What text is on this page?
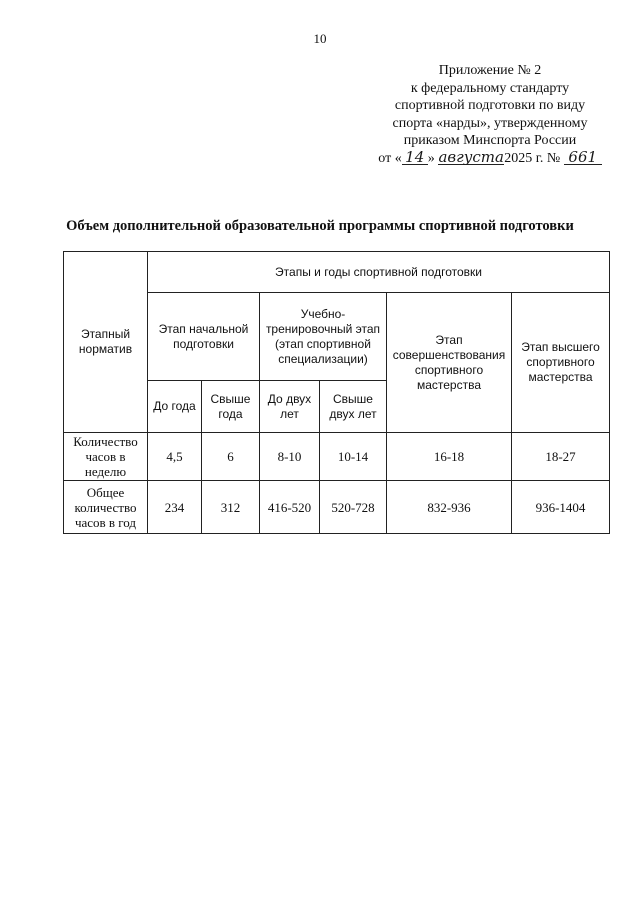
10
Приложение № 2
к федеральному стандарту
спортивной подготовки по виду
спорта «нарды», утвержденному
приказом Минспорта России
от « 14 » августа2025 г. № 661
Объем дополнительной образовательной программы спортивной подготовки
Этапный норматив	Этапы и годы спортивной подготовки					
	Этап начальной подготовки		Учебно-тренировочный этап (этап спортивной специализации)		Этап совершенствования спортивного мастерства	Этап высшего спортивного мастерства
	До года	Свыше года	До двух лет	Свыше двух лет		
Количество часов в неделю	4,5	6	8-10	10-14	16-18	18-27
Общее количество часов в год	234	312	416-520	520-728	832-936	936-1404
